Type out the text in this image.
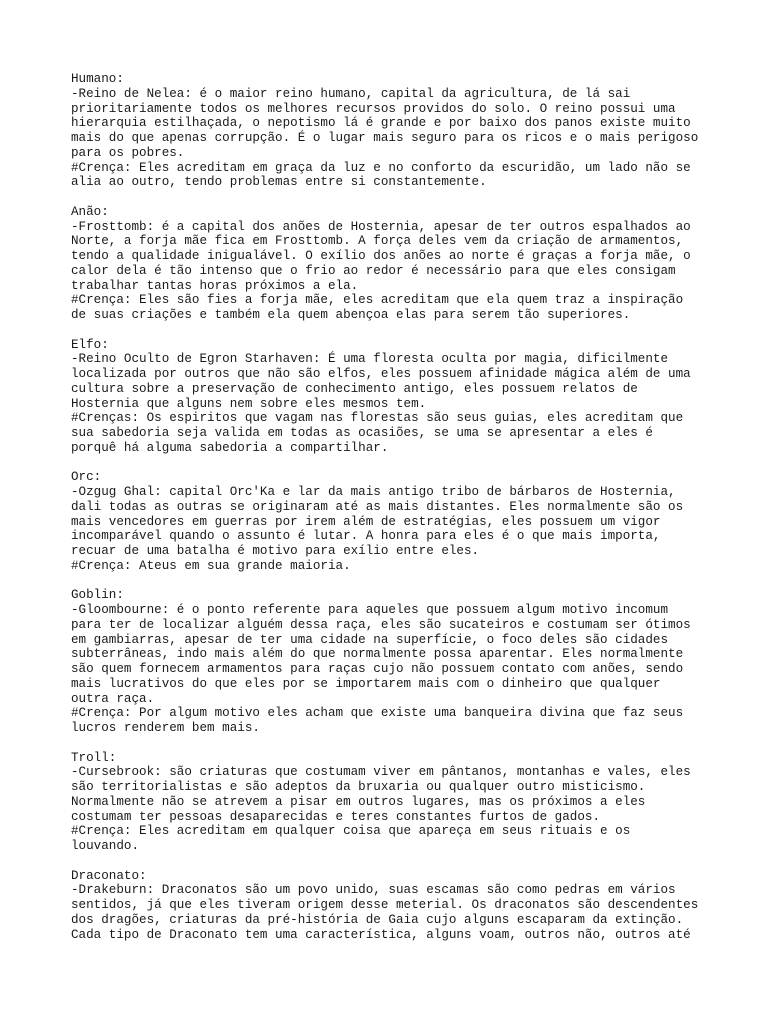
Humano:
-Reino de Nelea: é o maior reino humano, capital da agricultura, de lá sai
prioritariamente todos os melhores recursos providos do solo. O reino possui uma
hierarquia estilhaçada, o nepotismo lá é grande e por baixo dos panos existe muito
mais do que apenas corrupção. É o lugar mais seguro para os ricos e o mais perigoso
para os pobres.
#Crença: Eles acreditam em graça da luz e no conforto da escuridão, um lado não se
alia ao outro, tendo problemas entre si constantemente.
Anão:
-Frosttomb: é a capital dos anões de Hosternia, apesar de ter outros espalhados ao
Norte, a forja mãe fica em Frosttomb. A força deles vem da criação de armamentos,
tendo a qualidade inigualável. O exílio dos anões ao norte é graças a forja mãe, o
calor dela é tão intenso que o frio ao redor é necessário para que eles consigam
trabalhar tantas horas próximos a ela.
#Crença: Eles são fies a forja mãe, eles acreditam que ela quem traz a inspiração
de suas criações e também ela quem abençoa elas para serem tão superiores.
Elfo:
-Reino Oculto de Egron Starhaven: É uma floresta oculta por magia, dificilmente
localizada por outros que não são elfos, eles possuem afinidade mágica além de uma
cultura sobre a preservação de conhecimento antigo, eles possuem relatos de
Hosternia que alguns nem sobre eles mesmos tem.
#Crenças: Os espiritos que vagam nas florestas são seus guias, eles acreditam que
sua sabedoria seja valida em todas as ocasiões, se uma se apresentar a eles é
porquê há alguma sabedoria a compartilhar.
Orc:
-Ozgug Ghal: capital Orc'Ka e lar da mais antigo tribo de bárbaros de Hosternia,
dali todas as outras se originaram até as mais distantes. Eles normalmente são os
mais vencedores em guerras por irem além de estratégias, eles possuem um vigor
incomparável quando o assunto é lutar. A honra para eles é o que mais importa,
recuar de uma batalha é motivo para exílio entre eles.
#Crença: Ateus em sua grande maioria.
Goblin:
-Gloombourne: é o ponto referente para aqueles que possuem algum motivo incomum
para ter de localizar alguém dessa raça, eles são sucateiros e costumam ser ótimos
em gambiarras, apesar de ter uma cidade na superfície, o foco deles são cidades
subterrâneas, indo mais além do que normalmente possa aparentar. Eles normalmente
são quem fornecem armamentos para raças cujo não possuem contato com anões, sendo
mais lucrativos do que eles por se importarem mais com o dinheiro que qualquer
outra raça.
#Crença: Por algum motivo eles acham que existe uma banqueira divina que faz seus
lucros renderem bem mais.
Troll:
-Cursebrook: são criaturas que costumam viver em pântanos, montanhas e vales, eles
são territorialistas e são adeptos da bruxaria ou qualquer outro misticismo.
Normalmente não se atrevem a pisar em outros lugares, mas os próximos a eles
costumam ter pessoas desaparecidas e teres constantes furtos de gados.
#Crença: Eles acreditam em qualquer coisa que apareça em seus rituais e os
louvando.
Draconato:
-Drakeburn: Draconatos são um povo unido, suas escamas são como pedras em vários
sentidos, já que eles tiveram origem desse meterial. Os draconatos são descendentes
dos dragões, criaturas da pré-história de Gaia cujo alguns escaparam da extinção.
Cada tipo de Draconato tem uma característica, alguns voam, outros não, outros até
